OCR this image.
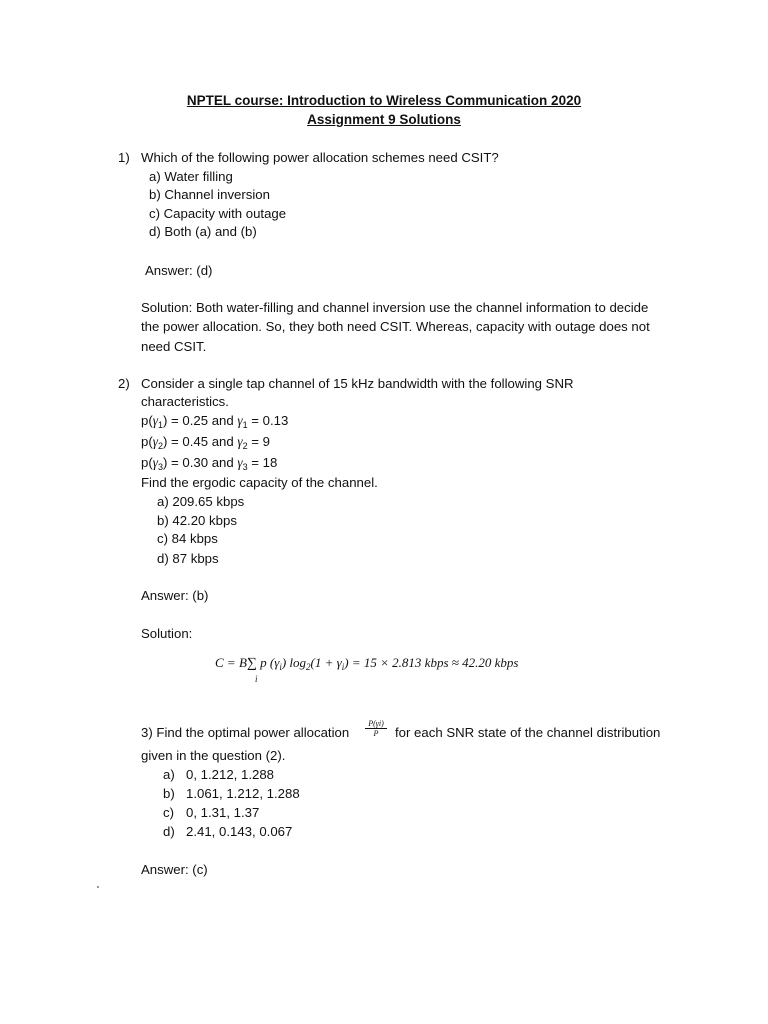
NPTEL course: Introduction to Wireless Communication 2020
Assignment 9 Solutions
1) Which of the following power allocation schemes need CSIT?
a) Water filling
b) Channel inversion
c) Capacity with outage
d) Both (a) and (b)
Answer: (d)
Solution: Both water-filling and channel inversion use the channel information to decide
the power allocation. So, they both need CSIT. Whereas, capacity with outage does not
need CSIT.
2) Consider a single tap channel of 15 kHz bandwidth with the following SNR
characteristics.
$p(\gamma_1) = 0.25$ and $\gamma_1 = 0.13$
$p(\gamma_2) = 0.45$ and $\gamma_2 = 9$
$p(\gamma_3) = 0.30$ and $\gamma_3 = 18$
Find the ergodic capacity of the channel.
a) 209.65 kbps
b) 42.20 kbps
c) 84 kbps
d) 87 kbps
Answer: (b)
Solution:
C = B∑ p $(\gamma_i) \log_2(1 + \gamma_i) = 15 \times 2.813$ kbps ≈ 42.20 kbps
i
3) Find the optimal power allocation $\frac{P(\gamma i)}{P}$ for each SNR state of the channel distribution
given in the question (2).
a) 0, 1.212, 1.288
b) 1.061, 1.212, 1.288
c) 0, 1.31, 1.37
d) 2.41, 0.143, 0.067
Answer: (c)
